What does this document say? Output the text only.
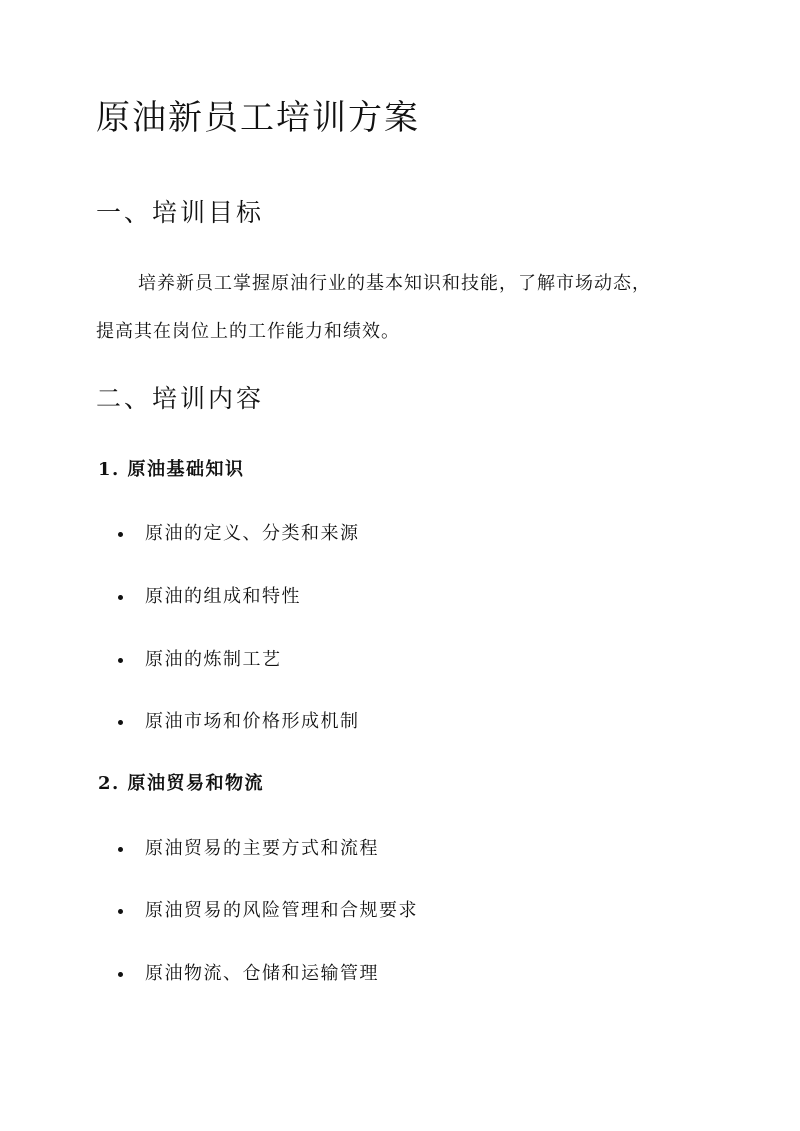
原油新员工培训方案
一、培训目标
培养新员工掌握原油行业的基本知识和技能，了解市场动态，
提高其在岗位上的工作能力和绩效。
二、培训内容
1. 原油基础知识
原油的定义、分类和来源
原油的组成和特性
原油的炼制工艺
原油市场和价格形成机制
2. 原油贸易和物流
原油贸易的主要方式和流程
原油贸易的风险管理和合规要求
原油物流、仓储和运输管理
